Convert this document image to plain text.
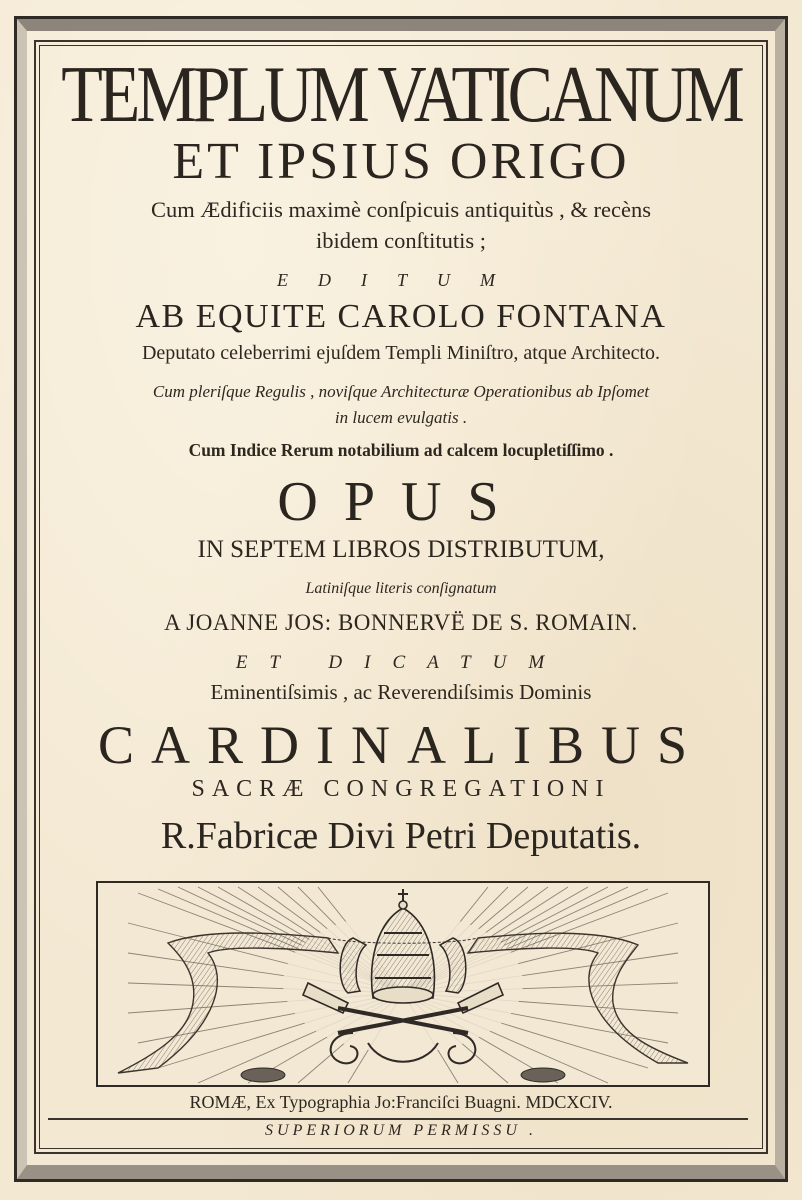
TEMPLUM VATICANUM
ET IPSIUS ORIGO
Cum Ædificiis maximè conſpicuis antiquitùs , & recèns
ibidem conſtitutis ;
EDITUM
AB EQUITE CAROLO FONTANA
Deputato celeberrimi ejuſdem Templi Miniſtro, atque Architecto.
Cum pleriſque Regulis , noviſque Architecturæ Operationibus ab Ipſomet
in lucem evulgatis .
Cum Indice Rerum notabilium ad calcem locupletiſſimo .
OPUS
IN SEPTEM LIBROS DISTRIBUTUM,
Latiniſque literis conſignatum
A JOANNE JOS: BONNERVË DE S. ROMAIN.
ET DICATUM
Eminentiſsimis , ac Reverendiſsimis Dominis
CARDINALIBUS
SACRÆ CONGREGATIONI
R.Fabricæ Divi Petri Deputatis.
ROMÆ, Ex Typographia Jo:Franciſci Buagni. MDCXCIV.
SUPERIORUM PERMISSU .
